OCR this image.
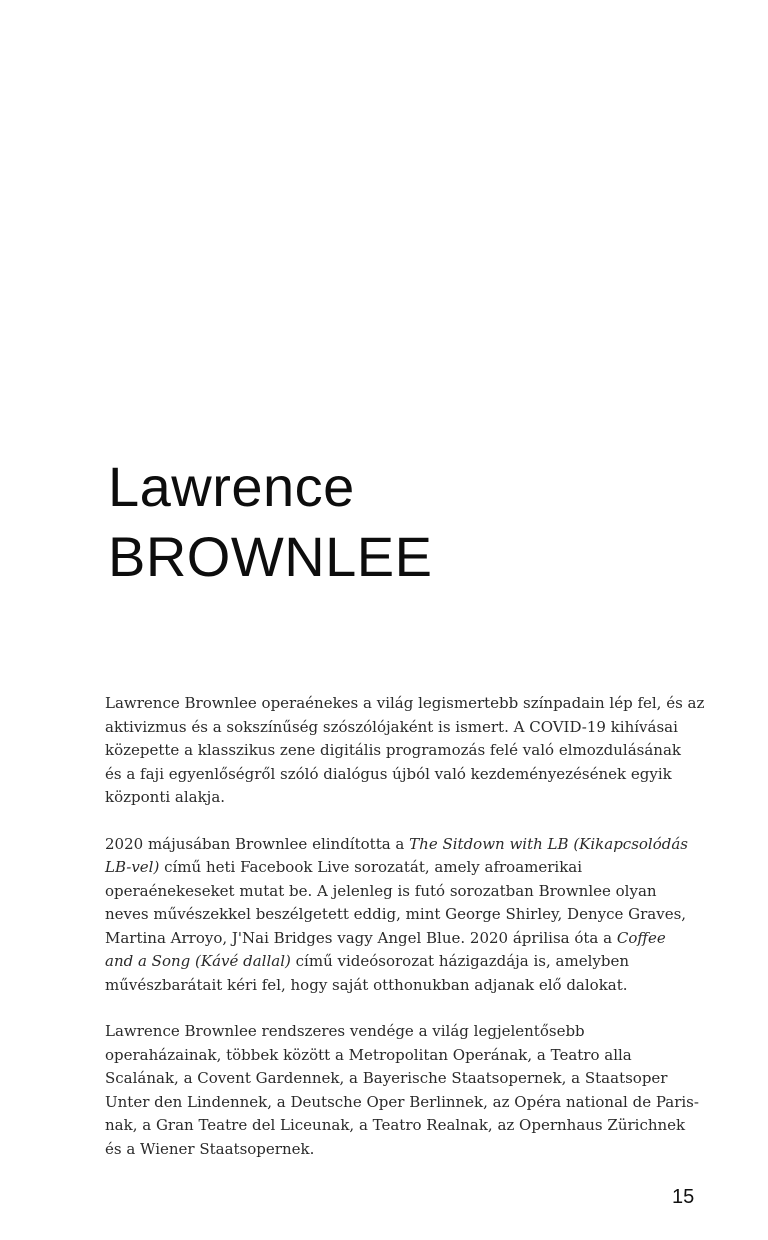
Lawrence
BROWNLEE

Lawrence Brownlee operaénekes a világ legismertebb színpadain lép fel, és az
aktivizmus és a sokszínűség szószólójaként is ismert. A COVID-19 kihívásai
közepette a klasszikus zene digitális programozás felé való elmozdulásának
és a faji egyenlőségről szóló dialógus újból való kezdeményezésének egyik
központi alakja.

2020 májusában Brownlee elindította a The Sitdown with LB (Kikapcsolódás
LB-vel) című heti Facebook Live sorozatát, amely afroamerikai
operaénekeseket mutat be. A jelenleg is futó sorozatban Brownlee olyan
neves művészekkel beszélgetett eddig, mint George Shirley, Denyce Graves,
Martina Arroyo, J'Nai Bridges vagy Angel Blue. 2020 áprilisa óta a Coffee
and a Song (Kávé dallal) című videósorozat házigazdája is, amelyben
művészbarátait kéri fel, hogy saját otthonukban adjanak elő dalokat.

Lawrence Brownlee rendszeres vendége a világ legjelentősebb
operaházainak, többek között a Metropolitan Operának, a Teatro alla
Scalának, a Covent Gardennek, a Bayerische Staatsopernek, a Staatsoper
Unter den Lindennek, a Deutsche Oper Berlinnek, az Opéra national de Paris-
nak, a Gran Teatre del Liceunak, a Teatro Realnak, az Opernhaus Zürichnek
és a Wiener Staatsopernek.

15
